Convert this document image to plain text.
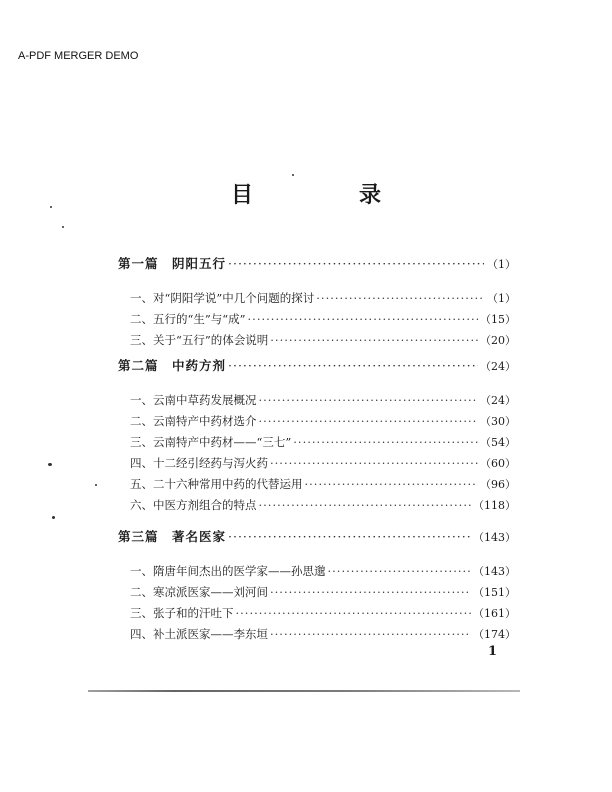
A-PDF MERGER DEMO
目　录
第一篇　阴阳五行 ·····	（1）
一、对“阴阳学说”中几个问题的探讨 ·····	（1）
二、五行的“生”与“成” ·····	（15）
三、关于“五行”的体会说明 ·····	（20）
第二篇　中药方剂 ·····	（24）
一、云南中草药发展概况 ·····	（24）
二、云南特产中药材选介 ·····	（30）
三、云南特产中药材——“三七” ·····	（54）
四、十二经引经药与泻火药 ·····	（60）
五、二十六种常用中药的代替运用 ·····	（96）
六、中医方剂组合的特点 ·····	（118）
第三篇　著名医家 ·····	（143）
一、隋唐年间杰出的医学家——孙思邈 ·····	（143）
二、寒凉派医家——刘河间 ·····	（151）
三、张子和的汗吐下 ·····	（161）
四、补土派医家——李东垣 ·····	（174）
1
